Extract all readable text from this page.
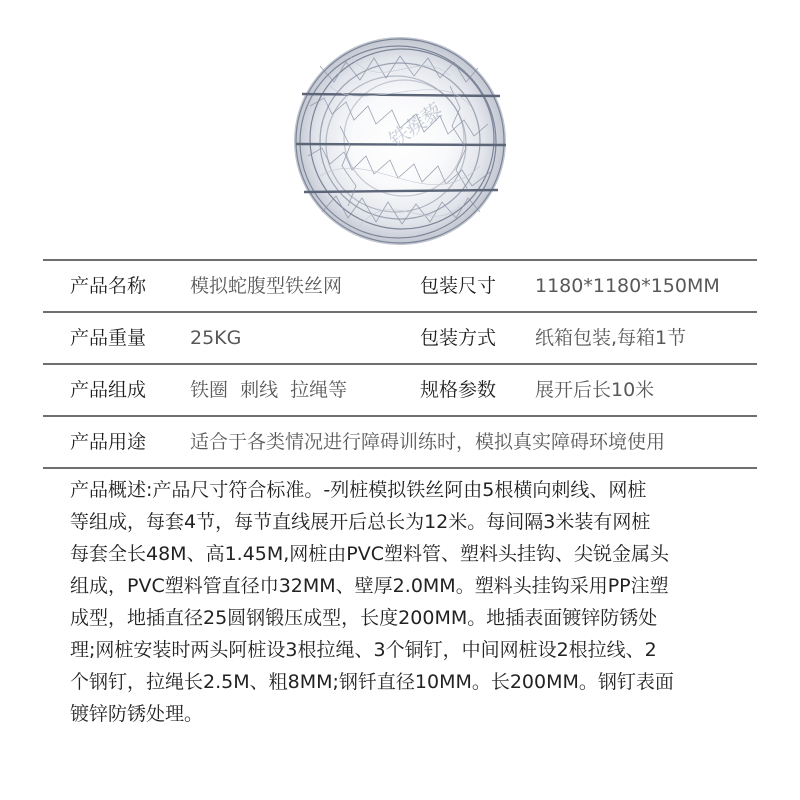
铁蒺藜
产品名称 模拟蛇腹型铁丝网	包装尺寸 1180*1180*150MM
产品重量 25KG	包装方式 纸箱包装,每箱1节
产品组成 铁圈  刺线  拉绳等	规格参数 展开后长10米
产品用途 适合于各类情况进行障碍训练时，模拟真实障碍环境使用
产品概述:产品尺寸符合标准。-列桩模拟铁丝阿由5根横向刺线、网桩
等组成，每套4节，每节直线展开后总长为12米。每间隔3米装有网桩
每套全长48M、高1.45M,网桩由PVC塑料管、塑料头挂钩、尖锐金属头
组成，PVC塑料管直径巾32MM、壁厚2.0MM。塑料头挂钩采用PP注塑
成型，地插直径25圆钢锻压成型，长度200MM。地插表面镀锌防锈处
理;网桩安装时两头阿桩设3根拉绳、3个铜钉，中间网桩设2根拉线、2
个钢钉，拉绳长2.5M、粗8MM;钢钎直径10MM。长200MM。钢钉表面
镀锌防锈处理。
